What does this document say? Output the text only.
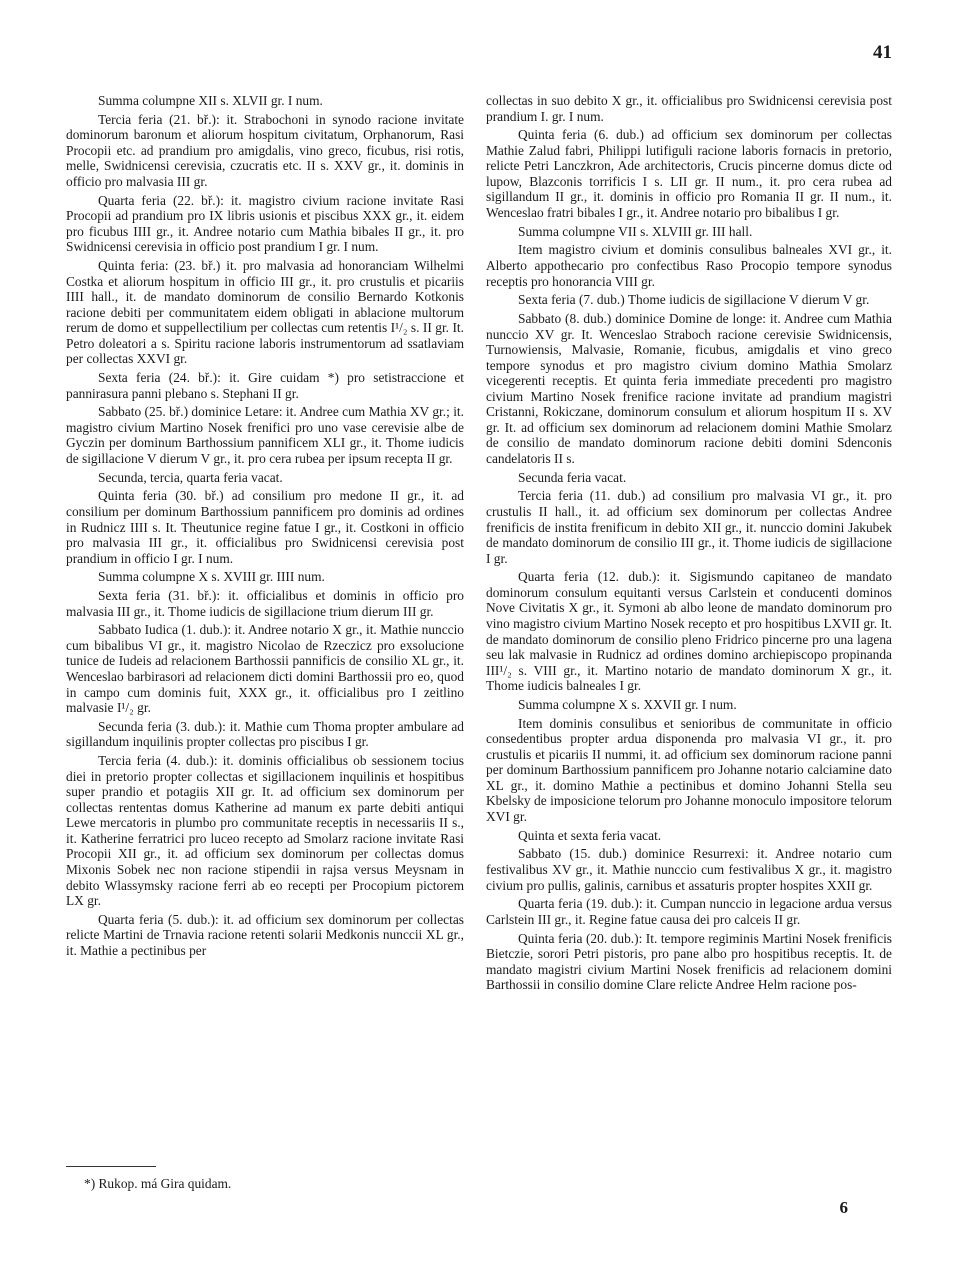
41

Summa columpne XII s. XLVII gr. I num.

Tercia feria (21. bř.): it. Strabochoni in synodo racione invitate dominorum baronum et aliorum hospitum civitatum, Orphanorum, Rasi Procopii etc. ad prandium pro amigdalis, vino greco, ficubus, risi rotis, melle, Swidnicensi cerevisia, czucratis etc. II s. XXV gr., it. dominis in officio pro malvasia III gr.

Quarta feria (22. bř.): it. magistro civium racione invitate Rasi Procopii ad prandium pro IX libris usionis et piscibus XXX gr., it. eidem pro ficubus IIII gr., it. Andree notario cum Mathia bibales II gr., it. pro Swidnicensi cerevisia in officio post prandium I gr. I num.

Quinta feria: (23. bř.) it. pro malvasia ad honoranciam Wilhelmi Costka et aliorum hospitum in officio III gr., it. pro crustulis et picariis IIII hall., it. de mandato dominorum de consilio Bernardo Kotkonis racione debiti per communitatem eidem obligati in ablacione multorum rerum de domo et suppellectilium per collectas cum retentis I¹/₂ s. II gr. It. Petro doleatori a s. Spiritu racione laboris instrumentorum ad ssatlaviam per collectas XXVI gr.

Sexta feria (24. bř.): it. Gire cuidam *) pro setistraccione et pannirasura panni plebano s. Stephani II gr.

Sabbato (25. bř.) dominice Letare: it. Andree cum Mathia XV gr.; it. magistro civium Martino Nosek frenifici pro uno vase cerevisie albe de Gyczin per dominum Barthossium pannificem XLI gr., it. Thome iudicis de sigillacione V dierum V gr., it. pro cera rubea per ipsum recepta II gr.

Secunda, tercia, quarta feria vacat.

Quinta feria (30. bř.) ad consilium pro medone II gr., it. ad consilium per dominum Barthossium pannificem pro dominis ad ordines in Rudnicz IIII s. It. Theutunice regine fatue I gr., it. Costkoni in officio pro malvasia III gr., it. officialibus pro Swidnicensi cerevisia post prandium in officio I gr. I num.

Summa columpne X s. XVIII gr. IIII num.

Sexta feria (31. bř.): it. officialibus et dominis in officio pro malvasia III gr., it. Thome iudicis de sigillacione trium dierum III gr.

Sabbato Iudica (1. dub.): it. Andree notario X gr., it. Mathie nunccio cum bibalibus VI gr., it. magistro Nicolao de Rzeczicz pro exsolucione tunice de Iudeis ad relacionem Barthossii pannificis de consilio XL gr., it. Wenceslao barbirasori ad relacionem dicti domini Barthossii pro eo, quod in campo cum dominis fuit, XXX gr., it. officialibus pro I zeitlino malvasie I¹/₂ gr.

Secunda feria (3. dub.): it. Mathie cum Thoma propter ambulare ad sigillandum inquilinis propter collectas pro piscibus I gr.

Tercia feria (4. dub.): it. dominis officialibus ob sessionem tocius diei in pretorio propter collectas et sigillacionem inquilinis et hospitibus super prandio et potagiis XII gr. It. ad officium sex dominorum per collectas rententas domus Katherine ad manum ex parte debiti antiqui Lewe mercatoris in plumbo pro communitate receptis in necessariis II s., it. Katherine ferratrici pro luceo recepto ad Smolarz racione invitate Rasi Procopii XII gr., it. ad officium sex dominorum per collectas domus Mixonis Sobek nec non racione stipendii in rajsa versus Meysnam in debito Wlassymsky racione ferri ab eo recepti per Procopium pictorem LX gr.

Quarta feria (5. dub.): it. ad officium sex dominorum per collectas relicte Martini de Trnavia racione retenti solarii Medkonis nunccii XL gr., it. Mathie a pectinibus per

collectas in suo debito X gr., it. officialibus pro Swidnicensi cerevisia post prandium I. gr. I num.

Quinta feria (6. dub.) ad officium sex dominorum per collectas Mathie Zalud fabri, Philippi lutifiguli racione laboris fornacis in pretorio, relicte Petri Lanczkron, Ade architectoris, Crucis pincerne domus dicte od lupow, Blazconis torrificis I s. LII gr. II num., it. pro cera rubea ad sigillandum II gr., it. dominis in officio pro Romania II gr. II num., it. Wenceslao fratri bibales I gr., it. Andree notario pro bibalibus I gr.

Summa columpne VII s. XLVIII gr. III hall.

Item magistro civium et dominis consulibus balneales XVI gr., it. Alberto appothecario pro confectibus Raso Procopio tempore synodus receptis pro honorancia VIII gr.

Sexta feria (7. dub.) Thome iudicis de sigillacione V dierum V gr.

Sabbato (8. dub.) dominice Domine de longe: it. Andree cum Mathia nunccio XV gr. It. Wenceslao Straboch racione cerevisie Swidnicensis, Turnowiensis, Malvasie, Romanie, ficubus, amigdalis et vino greco tempore synodus et pro magistro civium domino Mathia Smolarz vicegerenti receptis. Et quinta feria immediate precedenti pro magistro civium Martino Nosek frenifice racione invitate ad prandium magistri Cristanni, Rokiczane, dominorum consulum et aliorum hospitum II s. XV gr. It. ad officium sex dominorum ad relacionem domini Mathie Smolarz de consilio de mandato dominorum racione debiti domini Sdenconis candelatoris II s.

Secunda feria vacat.

Tercia feria (11. dub.) ad consilium pro malvasia VI gr., it. pro crustulis II hall., it. ad officium sex dominorum per collectas Andree frenificis de instita frenificum in debito XII gr., it. nunccio domini Jakubek de mandato dominorum de consilio III gr., it. Thome iudicis de sigillacione I gr.

Quarta feria (12. dub.): it. Sigismundo capitaneo de mandato dominorum consulum equitanti versus Carlstein et conducenti dominos Nove Civitatis X gr., it. Symoni ab albo leone de mandato dominorum pro vino magistro civium Martino Nosek recepto et pro hospitibus LXVII gr. It. de mandato dominorum de consilio pleno Fridrico pincerne pro una lagena seu lak malvasie in Rudnicz ad ordines domino archiepiscopo propinanda III¹/₂ s. VIII gr., it. Martino notario de mandato dominorum X gr., it. Thome iudicis balneales I gr.

Summa columpne X s. XXVII gr. I num.

Item dominis consulibus et senioribus de communitate in officio consedentibus propter ardua disponenda pro malvasia VI gr., it. pro crustulis et picariis II nummi, it. ad officium sex dominorum racione panni per dominum Barthossium pannificem pro Johanne notario calciamine dato XL gr., it. domino Mathie a pectinibus et domino Johanni Stella seu Kbelsky de imposicione telorum pro Johanne monoculo impositore telorum XVI gr.

Quinta et sexta feria vacat.

Sabbato (15. dub.) dominice Resurrexi: it. Andree notario cum festivalibus XV gr., it. Mathie nunccio cum festivalibus X gr., it. magistro civium pro pullis, galinis, carnibus et assaturis propter hospites XXII gr.

Quarta feria (19. dub.): it. Cumpan nunccio in legacione ardua versus Carlstein III gr., it. Regine fatue causa dei pro calceis II gr.

Quinta feria (20. dub.): It. tempore regiminis Martini Nosek frenificis Bietczie, sorori Petri pistoris, pro pane albo pro hospitibus receptis. It. de mandato magistri civium Martini Nosek frenificis ad relacionem domini Barthossii in consilio domine Clare relicte Andree Helm racione pos-

*) Rukop. má Gira quidam.
6
